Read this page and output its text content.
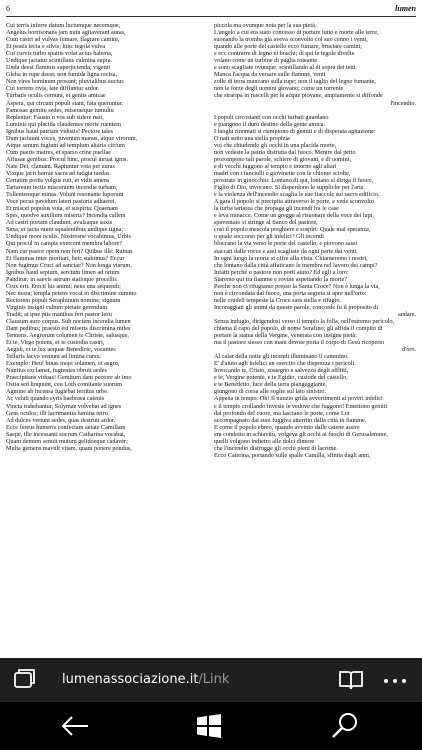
6	lumen
Cui terris inferre datum luctumque necemque,
Angelus horrisonans jam nutu agitaverant auras,
Cum castri ad vulvas fumare, flagrare camini,
Et pestis tecta e silvis; hinc tegola vulva
Cui curvis turbo spatiis volat actus habena,
Undique jactatur scintillans culmina supra.
Unda deest flammis superjicienda, vigenti
Gleba in rupe deest; non fumida ligna recisa,
Non vires hominum prosunt; pluvialibus auctus
Cui torrens rivis, late diffluntur ardor.
Turbatis oculis cernunt, et gentis amicae
Aspera, qui circum populi stant, fata queruntur.
Famosae gemitu sedes, miseraeque tumultu
Replentur: Fausto o vos sub sidere nati,
Luminis qui placida claudentes morte ruentem
Ignibus haud patriam vidistis! Pectore tales
Dum jactaunt voces, juvenum manus, atque virorum,
Atque senum fugiunt ad templum altaria circum
Cum pueris matres, et sparso crine puellae
Affusae genibus: Procul hinc, procul inruat ignis.
Nate Dei, clamant. Rapiuntur vota per auras
Vixque jacit horrae sacra ad fatigia taedas.
Certatim portis vulgus ruit, et vidit amens
Tartareum tectis miscentem incendia turbam,
Tollentemque minas. Volunt resonante luporum
Voce pecus pavidum lateri pastoris adhaeret,
Et miscet populus vota, et suspiria: Quaenam
Spes, quodve auxilium miseris? Incendia callem
Ad castri portam claudunt, avulsaque saxis
Saxa, et jacta ruunt squalentibus undique tigna;
Undique mors oculis. Nostrosne vocabimus, Urbis
Qui procul in campis exercent membra labore?
Nam cur pastor opem non fert? Quibus ille: Ruinas
Et flammas inter moritari, heic stabimus? Eccur
Non fugimus Cruci ad sanctae? Non longa viarum,
Ignibus haud septum, serctum limen ad ortum
Panditur; in saevis astrum statioque procellis
Crux erit. Erecti his animi; nens una sequendi;
Nec mora; templa petens vocat in discrimine summo
Rectorem populi Seraphinum nomine; signum
Virginis insigni cultum pietate gerendum
Tradit; at ipse piis manibus fert pastor Iesu
Clausum auro corpus. Sub noctem incendia lumen
Dant pedibus; praesto est miseris discrimina miles
Tennens. Aegrorum columen te Christe, salusque,
Et te, Virgo potens, et te custodia castri,
Aegidi, et te lux aequae Benedicte, vocantes
Telluris lacvo veniunt ad limina cursu.
Exemplo: Heu! binas inopi solamen, et aegro,
Nuntius exclamat, fugientes obruit aedes
Praecipitans viduas! Gemitum dant pectore ab imo
Ostia sed linquunt, ceu Loth comitante suorum
Agmine ab incensa fugiebat territus urbe.
Ac veluti quando syris baebraea catenis
Vincta trahebantur, Solymae volvebat ad ignes
Gens oculos; illi lacrimantia lumina retro
Ad dulces vertunt sedes, quas destruit ardor.
Ecce fereus humeris confectam aetate Camillam
Saepe, ille incessanti socrum Catharina vocabat,
Quam demum senuit mutum gelidoeque cadaver;
Multa gemens mavult vitam, quam ponere pondus,
piccola ma ovunque nota per la sua pietà.
L'angelo a cui era stato concesso di portare lutto e morte alle terre,
suonando la tromba già aveva sconvolto col suo cenno i venti,
quando alle porte del castello ecco fumare, bruciare camini,
e ecc contrarre di legno ei boschi; di qui le tegole divelte
volano come un turbine di paglia roteante
e sono scagliate ovunque, scintillando al di sopra dei tetti.
Manca l'acqua da versare sulle fiamme, venti
zolle di terra mancano sulla rupe; non il taglio del legno fumante,
non le forze degli uomini giovano; come un torrente
che straripa in ruscelli per le acque piovane, ampiamente si diffonde
l'incendio.
I popoli circostanti con occhi turbati guardano
e piangono il duro destino della gente amica.
I luoghi rinomati si riempiono di gemiti e di disperata agitazione:
O nati sotto una stella propizia
voi che chiudendo gli occhi in una placida morte,
non vedeste la patria distrutta dal fuoco. Mentre dal petto
prorompono tali parole, schiere di giovani, e di uomini,
e di vecchi fuggono al tempio e intorno agli altari
madri con i fanciulli e giovinette con le chiome sciolte,
prostrate in ginocchio: Lontano di qui, lontano si diriga il fuoco,
Figlio di Dio, invocano. Si disperdono le suppliche per l'aria
e la violenza dell'incendio scaglia le sue fiaccole sul sacro edificio.
A gara il popolo si precipita attraverso le porte, e vede sconvolto
la turba tartarea che propaga gli incendi fra le case
e leva minacce. Come un gregge al risuonare della voce dei lupi,
spaventato si stringe al fianco del pastore,
così il popolo mescola preghiere e sospiri: Quale mai speranza,
o quale soccorso per gli infelici? Gli incendi
bloccano la via verso le porte del castello, e piovono sassi
staccati dalle rocce e assi scagliate da ogni parte dai venti.
In ogni luogo la morte si offre alla vista. Chiameremo i nostri,
che lontano dalla città affaticano le membra nel lavoro dei campi?
Infatti perché o pastore non porti aiuto? Ed egli a loro:
Staremo qui tra fiamme e rovine aspettando la morte?
Perché non ci rifugiamo presso la Santa Croce? Non è lunga la via,
non è circondata dal fuoco, una porta segreta si apre nell'orto:
nelle crudeli tempeste la Croce sarà stella e rifugio.
Incoraggiati gli animi da queste parole, concorde fu il proposito di
andare.
Senza indugio, dirigendosi verso il tempio la folla, nell'estremo pericolo,
chiama il capo del popolo, di nome Serafino; gli affida il compito di
portare la statua della Vergine, venerata con insigne pietà;
ma il pastore stesso con mani devote porta il corpo di Gesù ricoperto
d'oro.
Al calar della notte gli incendi illuminano il cammino.
E' d'aiuto agli infelici un esercito che disprezza i pericoli.
Invocando te, Cristo, sostegno e salvezza degli afflitti,
e te, Vergine potente, e te Egidio, custode del castello,
e te Benedetto, luce della terra piangeggiante,
giungono di corsa alle soglie sul lato sinistro.
Appena in tempo: Oh! Il nunzio grida avvertimenti ai poveri infelici
e il tempio crollando investe le vedove che fuggono! Emettono gemiti
dal profondo del cuore, ma lasciano le porte, come Lot
accompagnato dai suoi fuggiva atterrito dalla città in fiamme.
E come il popolo ebreo, quando avvinto dalle catene assire
era condotto in schiavitù, volgeva gli occhi ai fuochi di Gerusalemme,
quelli volgono indietro alle dolci dimore
che l'incendio distrugge gli occhi pieni di lacrime.
Ecco Caterina, portando sulle spalle Camilla, sfinita dagli anni,
lumenassociazione.it/Link
